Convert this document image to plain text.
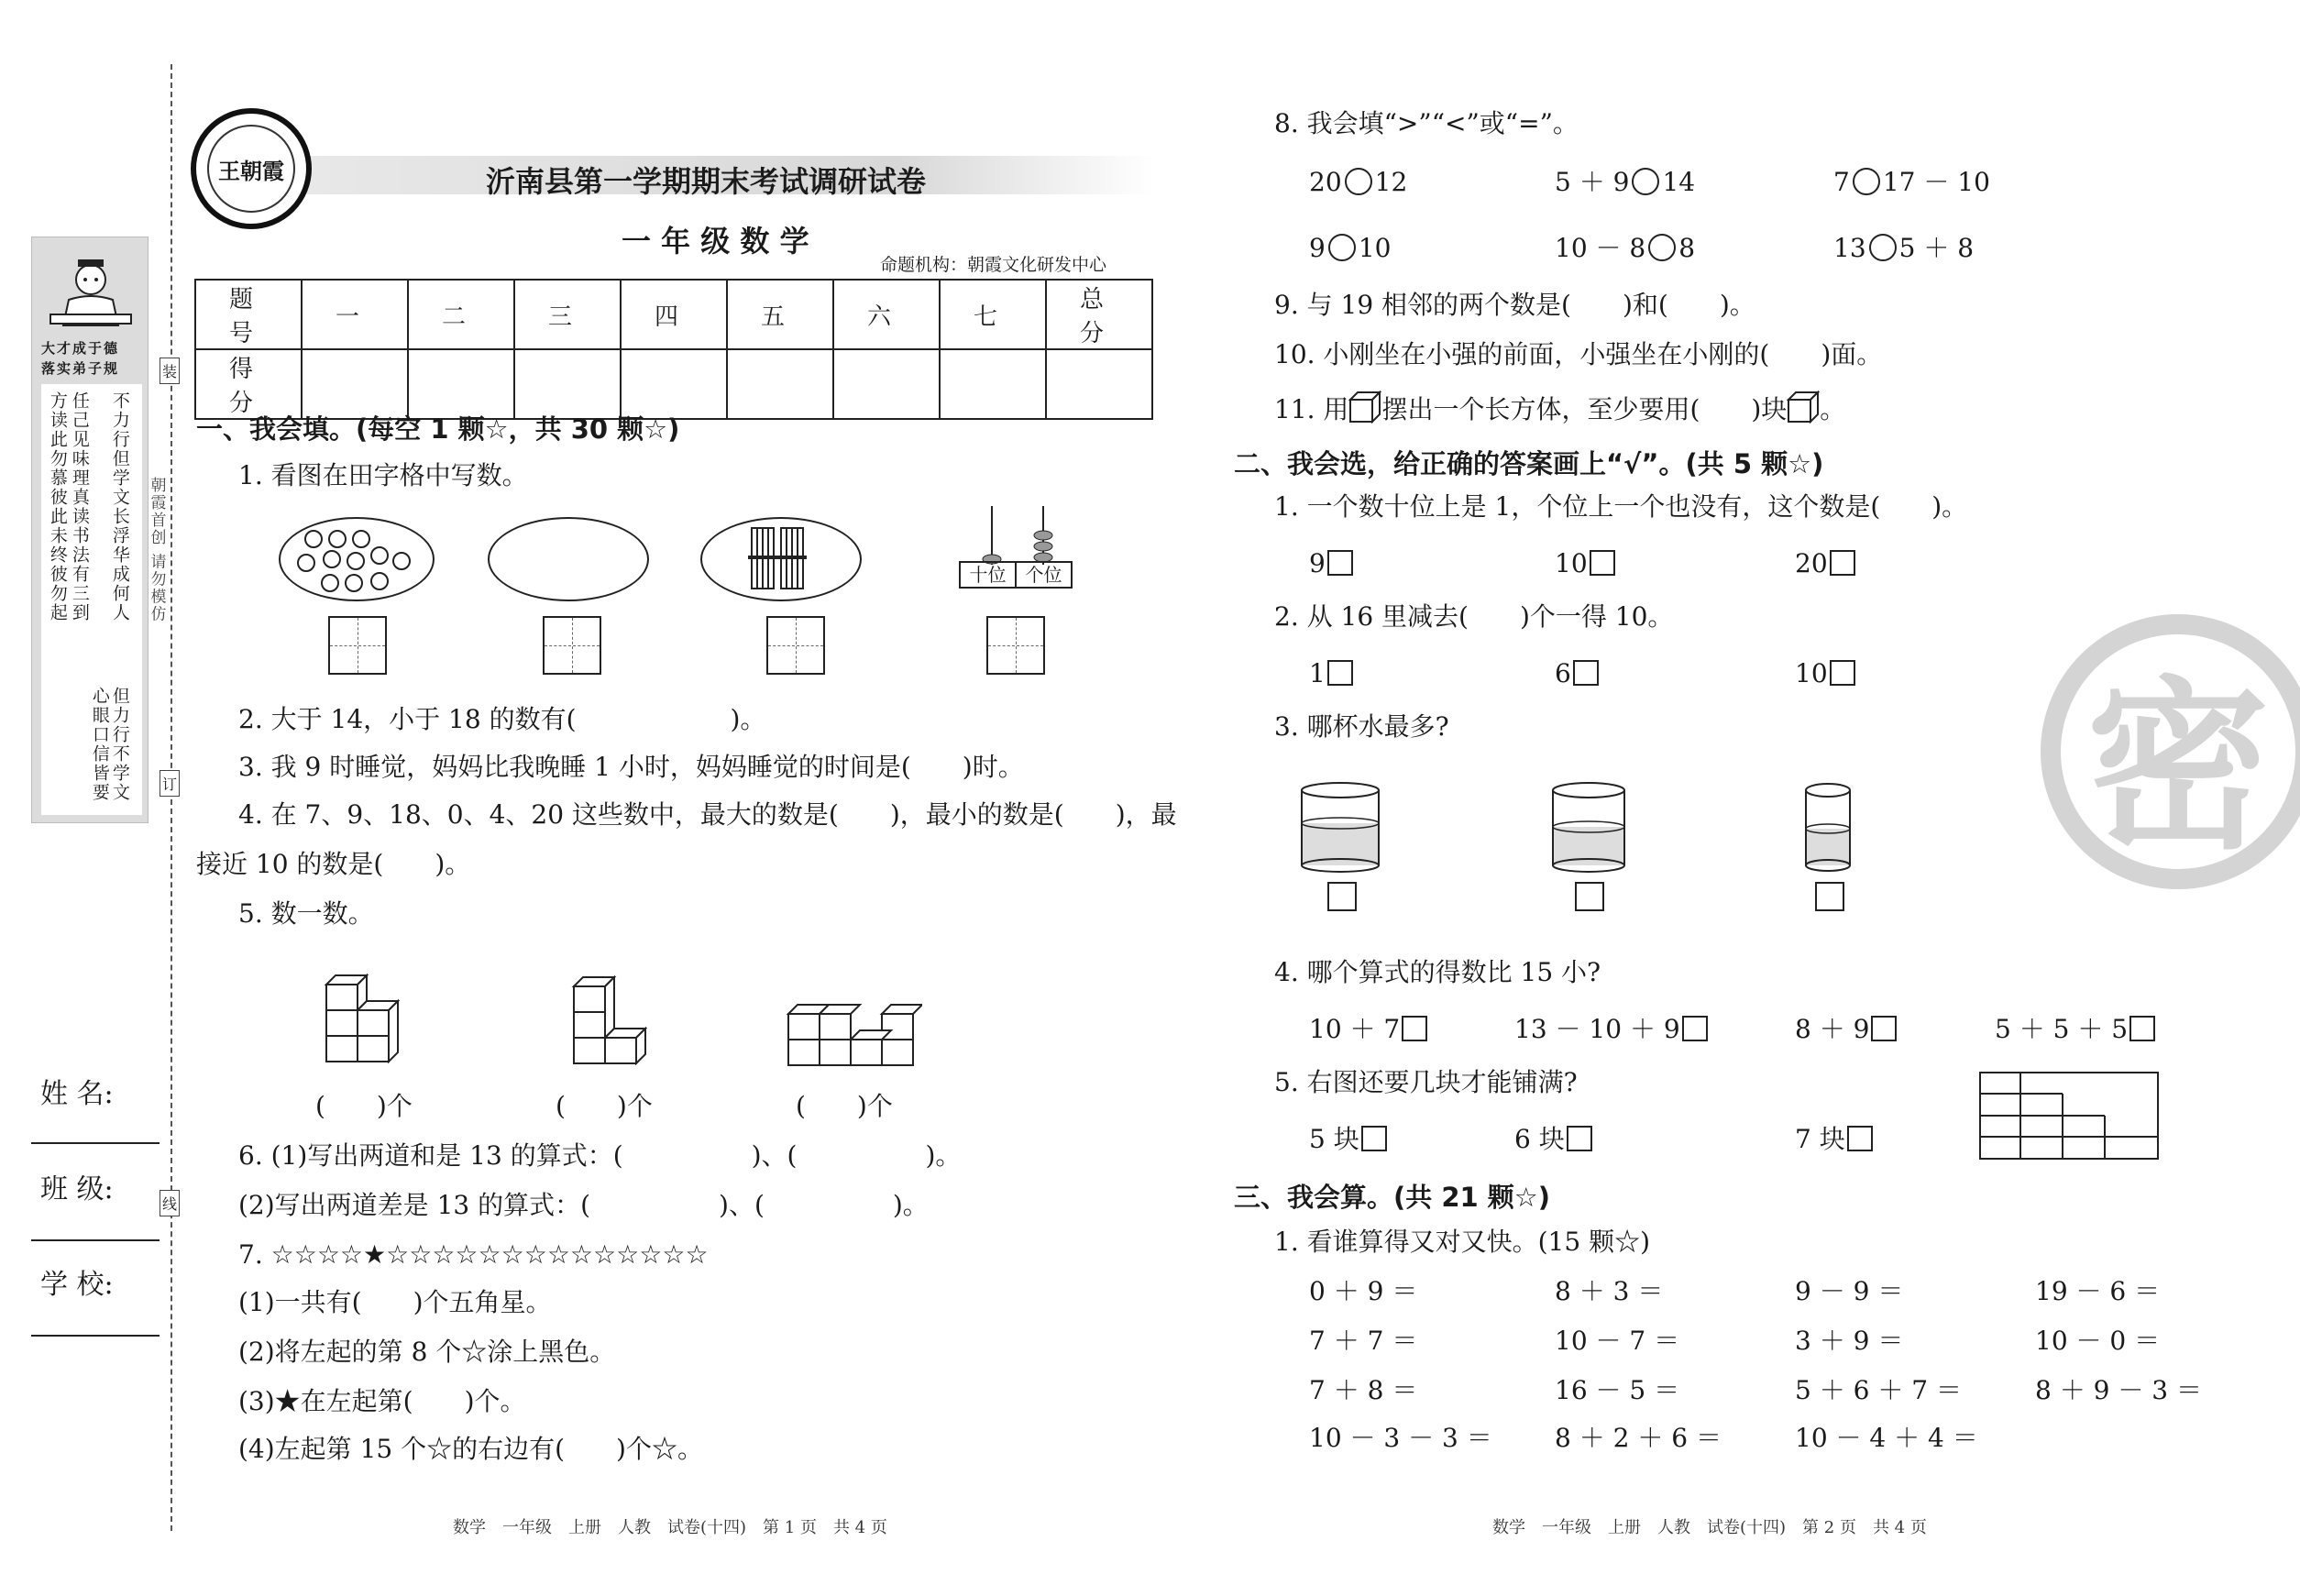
大才成于德
落实弟子规
方读此勿慕彼此未终彼勿起 任己见味理真读书法有三到 不力行但学文长浮华成何人
心眼口信皆要 但力行不学文
朝霞首创 请勿模仿
装
订
线
姓 名:
班 级:
学 校:
王朝霞	沂南县第一学期期末考试调研试卷
一 年 级 数 学
命题机构：朝霞文化研发中心
题　号	一	二	三	四	五	六	七	总　分
得　分								
一、我会填。(每空 1 颗☆，共 30 颗☆)
1. 看图在田字格中写数。
十位	个位
2. 大于 14，小于 18 的数有(　　　　　　)。
3. 我 9 时睡觉，妈妈比我晚睡 1 小时，妈妈睡觉的时间是(　　)时。
4. 在 7、9、18、0、4、20 这些数中，最大的数是(　　)，最小的数是(　　)，最
接近 10 的数是(　　)。
5. 数一数。
(　　)个	(　　)个	(　　)个
6. (1)写出两道和是 13 的算式：(　　　　　)、(　　　　　)。
(2)写出两道差是 13 的算式：(　　　　　)、(　　　　　)。
7. ☆☆☆☆★☆☆☆☆☆☆☆☆☆☆☆☆☆☆
(1)一共有(　　)个五角星。
(2)将左起的第 8 个☆涂上黑色。
(3)★在左起第(　　)个。
(4)左起第 15 个☆的右边有(　　)个☆。
数学　一年级　上册　人教　试卷(十四)　第 1 页　共 4 页
8. 我会填“>”“<”或“=”。
20 12	5 ＋ 9 14	7 17 － 10
9 10	10 － 8 8	13 5 ＋ 8
9. 与 19 相邻的两个数是(　　)和(　　)。
10. 小刚坐在小强的前面，小强坐在小刚的(　　)面。
11. 用 摆出一个长方体，至少要用(　　)块 。
二、我会选，给正确的答案画上“√”。(共 5 颗☆)
1. 一个数十位上是 1，个位上一个也没有，这个数是(　　)。
9	10	20
2. 从 16 里减去(　　)个一得 10。
1	6	10
3. 哪杯水最多?
4. 哪个算式的得数比 15 小?
10 ＋ 7	13 － 10 ＋ 9	8 ＋ 9	5 ＋ 5 ＋ 5
5. 右图还要几块才能铺满?
5 块	6 块	7 块
三、我会算。(共 21 颗☆)
1. 看谁算得又对又快。(15 颗☆)
0 ＋ 9 ＝	8 ＋ 3 ＝	9 － 9 ＝	19 － 6 ＝
7 ＋ 7 ＝	10 － 7 ＝	3 ＋ 9 ＝	10 － 0 ＝
7 ＋ 8 ＝	16 － 5 ＝	5 ＋ 6 ＋ 7 ＝	8 ＋ 9 － 3 ＝
10 － 3 － 3 ＝ 8 ＋ 2 ＋ 6 ＝	10 － 4 ＋ 4 ＝
数学　一年级　上册　人教　试卷(十四)　第 2 页　共 4 页
密
